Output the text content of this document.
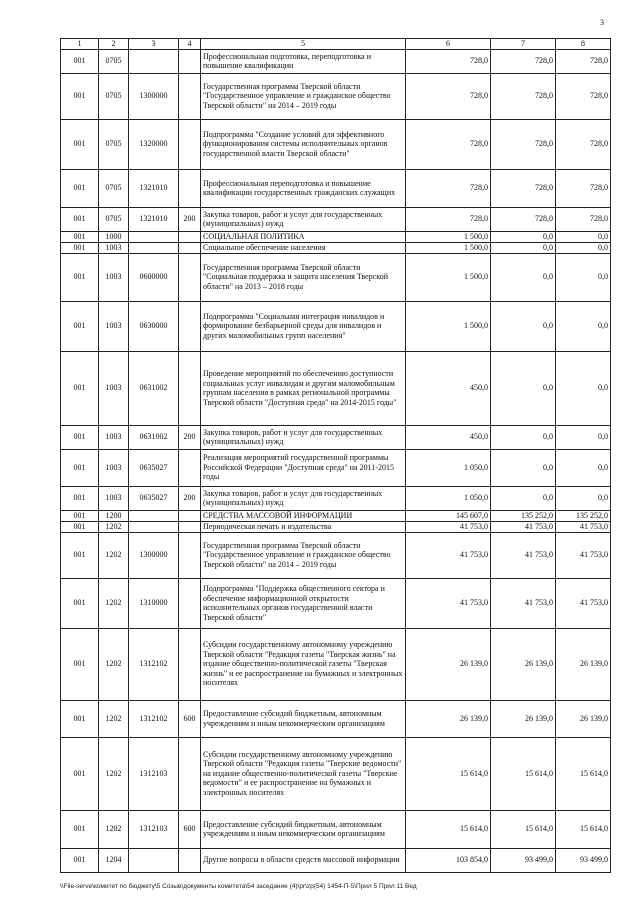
3
1	2	3	4	5	6	7	8
001	0705			Профессиональная подготовка, переподготовка и повышение квалификации	728,0	728,0	728,0
001	0705	1300000		Государственная программа Тверской области "Государственное управление и гражданское общество Тверской области" на 2014 – 2019 годы	728,0	728,0	728,0
001	0705	1320000		Подпрограмма "Создание условий для эффективного функционирования системы исполнительных органов государственной власти Тверской области"	728,0	728,0	728,0
001	0705	1321010		Профессиональная переподготовка и повышение квалификации государственных гражданских служащих	728,0	728,0	728,0
001	0705	1321010	200	Закупка товаров, работ и услуг для государственных (муниципальных) нужд	728,0	728,0	728,0
001	1000			СОЦИАЛЬНАЯ ПОЛИТИКА	1 500,0	0,0	0,0
001	1003			Социальное обеспечение населения	1 500,0	0,0	0,0
001	1003	0600000		Государственная программа Тверской области "Социальная поддержка и защита населения Тверской области" на 2013 – 2018 годы	1 500,0	0,0	0,0
001	1003	0630000		Подпрограмма "Социальная интеграция инвалидов и формирование безбарьерной среды для инвалидов и других маломобильных групп населения"	1 500,0	0,0	0,0
001	1003	0631002		Проведение мероприятий по обеспечению доступности социальных услуг инвалидам и другим маломобильным группам населения в рамках региональной программы Тверской области "Доступная среда" на 2014-2015 годы"	450,0	0,0	0,0
001	1003	0631002	200	Закупка товаров, работ и услуг для государственных (муниципальных) нужд	450,0	0,0	0,0
001	1003	0635027		Реализация мероприятий государственной программы Российской Федерации "Доступная среда" на 2011-2015 годы	1 050,0	0,0	0,0
001	1003	0635027	200	Закупка товаров, работ и услуг для государственных (муниципальных) нужд	1 050,0	0,0	0,0
001	1200			СРЕДСТВА МАССОВОЙ ИНФОРМАЦИИ	145 607,0	135 252,0	135 252,0
001	1202			Периодическая печать и издательства	41 753,0	41 753,0	41 753,0
001	1202	1300000		Государственная программа Тверской области "Государственное управление и гражданское общество Тверской области" на 2014 – 2019 годы	41 753,0	41 753,0	41 753,0
001	1202	1310000		Подпрограмма "Поддержка общественного сектора и обеспечение информационной открытости исполнительных органов государственной власти Тверской области"	41 753,0	41 753,0	41 753,0
001	1202	1312102		Субсидии государственному автономному учреждению Тверской области "Редакция газеты "Тверская жизнь" на издание общественно-политической газеты "Тверская жизнь" и ее распространение на бумажных и электронных носителях	26 139,0	26 139,0	26 139,0
001	1202	1312102	600	Предоставление субсидий бюджетным, автономным учреждениям и иным некоммерческим организациям	26 139,0	26 139,0	26 139,0
001	1202	1312103		Субсидии государственному автономному учреждению Тверской области "Редакция газеты "Тверские ведомости" на издание общественно-политической газеты "Тверские ведомости" и ее распространение на бумажных и электронных носителях	15 614,0	15 614,0	15 614,0
001	1202	1312103	600	Предоставление субсидий бюджетным, автономным учреждениям и иным некоммерческим организациям	15 614,0	15 614,0	15 614,0
001	1204			Другие вопросы в области средств массовой информации	103 854,0	93 499,0	93 499,0
\\File-serve\комитет по бюджету\5 Созыв\документы комитета\54 заседание (4)\pr\zp(54) 1454-П-5\Прил 5 Прил 11 Вед
